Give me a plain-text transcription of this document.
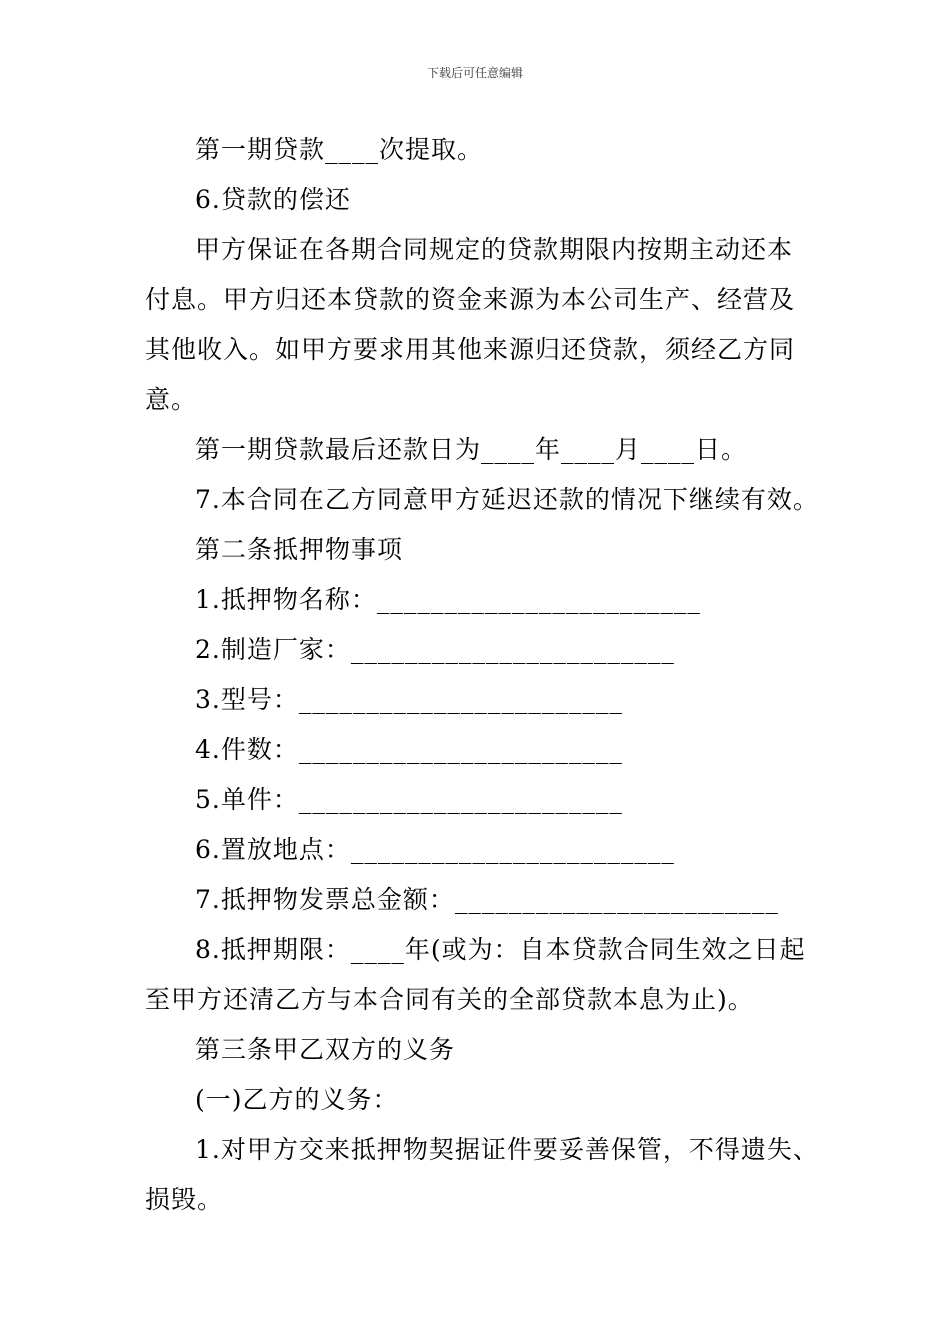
下载后可任意编辑
第一期贷款____次提取。
6.贷款的偿还
甲方保证在各期合同规定的贷款期限内按期主动还本
付息。甲方归还本贷款的资金来源为本公司生产、经营及
其他收入。如甲方要求用其他来源归还贷款，须经乙方同
意。
第一期贷款最后还款日为____年____月____日。
7.本合同在乙方同意甲方延迟还款的情况下继续有效。
第二条抵押物事项
1.抵押物名称：________________________
2.制造厂家：________________________
3.型号：________________________
4.件数：________________________
5.单件：________________________
6.置放地点：________________________
7.抵押物发票总金额：________________________
8.抵押期限：____年(或为：自本贷款合同生效之日起
至甲方还清乙方与本合同有关的全部贷款本息为止)。
第三条甲乙双方的义务
(一)乙方的义务：
1.对甲方交来抵押物契据证件要妥善保管，不得遗失、
损毁。
